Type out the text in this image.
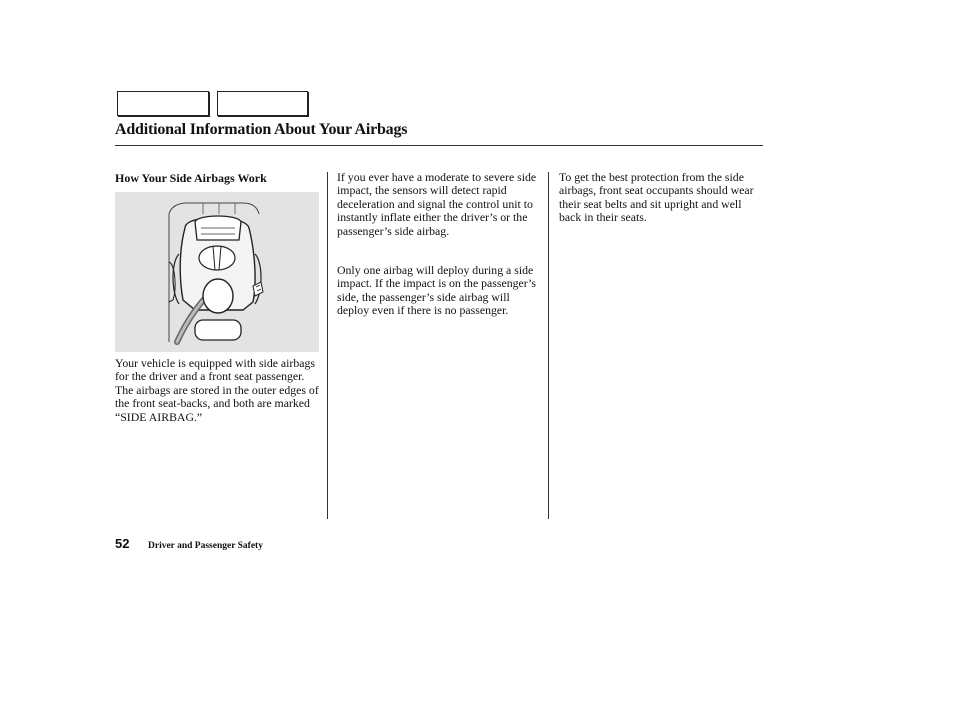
Additional Information About Your Airbags
How Your Side Airbags Work

Your vehicle is equipped with side airbags for the driver and a front seat passenger. The airbags are stored in the outer edges of the front seat-backs, and both are marked “SIDE AIRBAG.”

If you ever have a moderate to severe side impact, the sensors will detect rapid deceleration and signal the control unit to instantly inflate either the driver’s or the passenger’s side airbag.

Only one airbag will deploy during a side impact. If the impact is on the passenger’s side, the passenger’s side airbag will deploy even if there is no passenger.

To get the best protection from the side airbags, front seat occupants should wear their seat belts and sit upright and well back in their seats.

52 Driver and Passenger Safety
